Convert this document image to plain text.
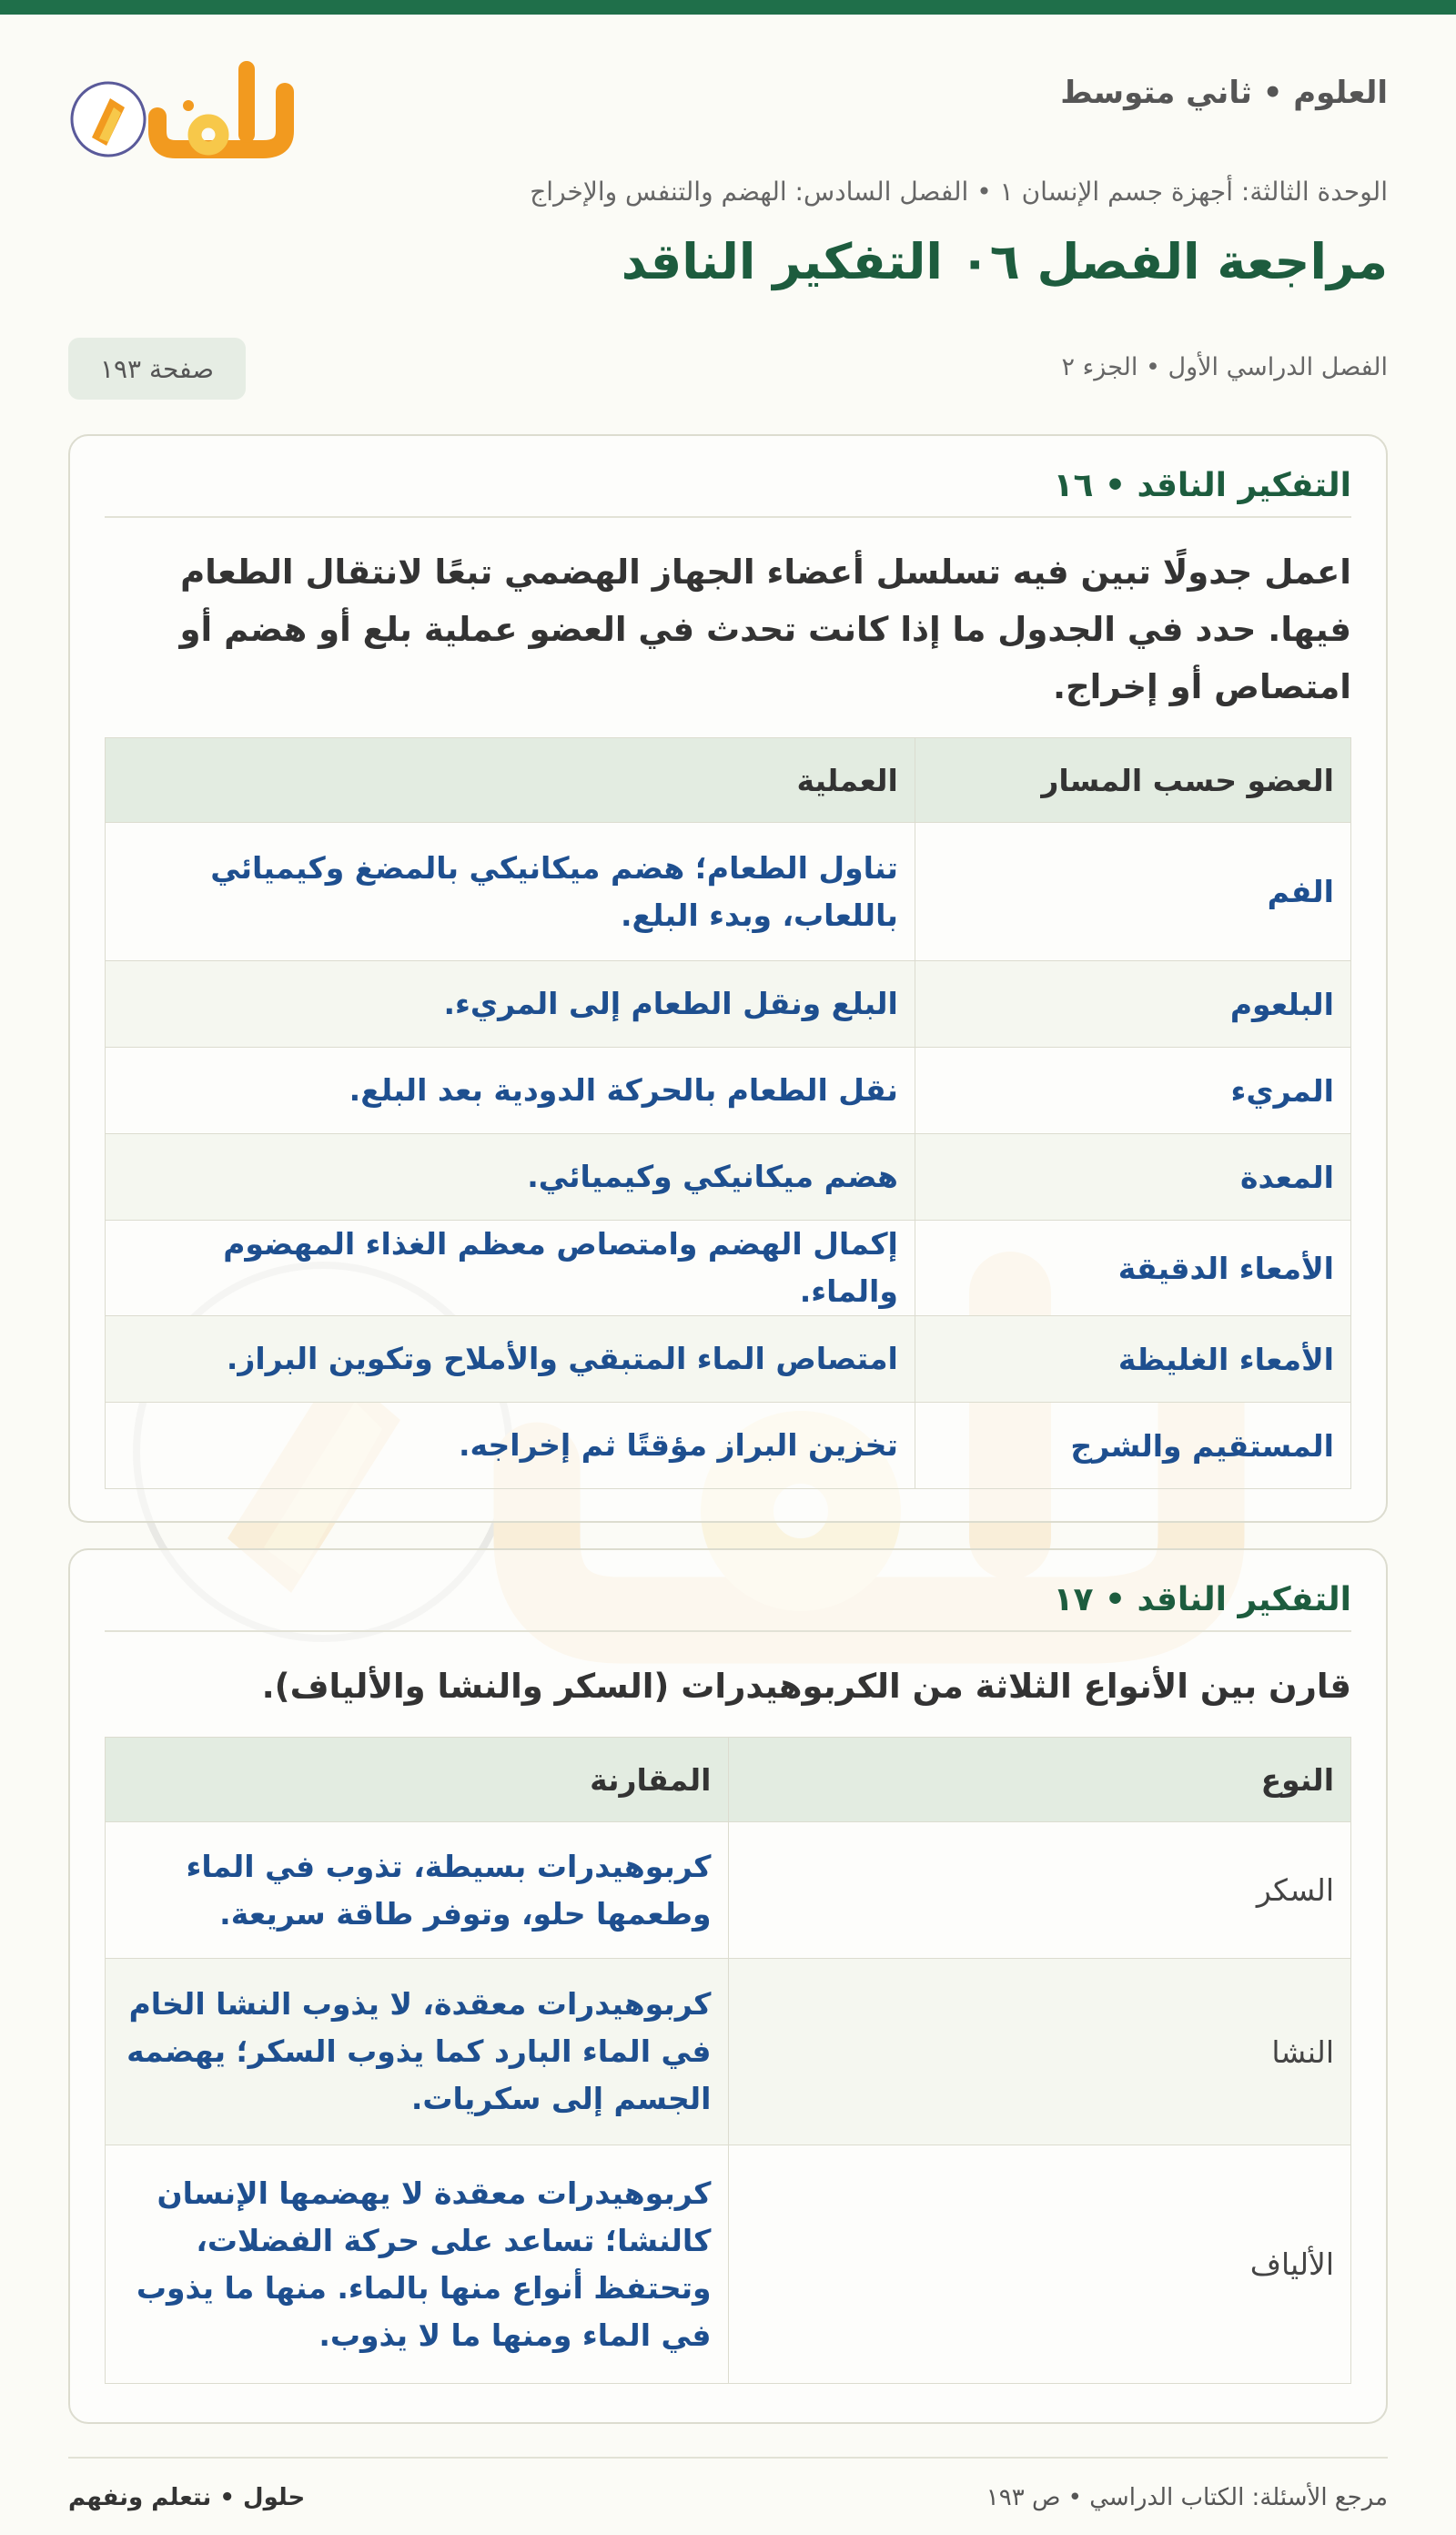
العلوم • ثاني متوسط
الوحدة الثالثة: أجهزة جسم الإنسان ١ • الفصل السادس: الهضم والتنفس والإخراج
مراجعة الفصل ٠٦ التفكير الناقد
الفصل الدراسي الأول • الجزء ٢
صفحة ١٩٣
التفكير الناقد • ١٦
اعمل جدولًا تبين فيه تسلسل أعضاء الجهاز الهضمي تبعًا لانتقال الطعام فيها. حدد في الجدول ما إذا كانت تحدث في العضو عملية بلع أو هضم أو امتصاص أو إخراج.
العضو حسب المسار	العملية
الفم	تناول الطعام؛ هضم ميكانيكي بالمضغ وكيميائي باللعاب، وبدء البلع.
البلعوم	البلع ونقل الطعام إلى المريء.
المريء	نقل الطعام بالحركة الدودية بعد البلع.
المعدة	هضم ميكانيكي وكيميائي.
الأمعاء الدقيقة	إكمال الهضم وامتصاص معظم الغذاء المهضوم والماء.
الأمعاء الغليظة	امتصاص الماء المتبقي والأملاح وتكوين البراز.
المستقيم والشرج	تخزين البراز مؤقتًا ثم إخراجه.
التفكير الناقد • ١٧
قارن بين الأنواع الثلاثة من الكربوهيدرات (السكر والنشا والألياف).
النوع	المقارنة
السكر	كربوهيدرات بسيطة، تذوب في الماء وطعمها حلو، وتوفر طاقة سريعة.
النشا	كربوهيدرات معقدة، لا يذوب النشا الخام في الماء البارد كما يذوب السكر؛ يهضمه الجسم إلى سكريات.
الألياف	كربوهيدرات معقدة لا يهضمها الإنسان كالنشا؛ تساعد على حركة الفضلات، وتحتفظ أنواع منها بالماء. منها ما يذوب في الماء ومنها ما لا يذوب.
مرجع الأسئلة: الكتاب الدراسي • ص ١٩٣
حلول • نتعلم ونفهم
